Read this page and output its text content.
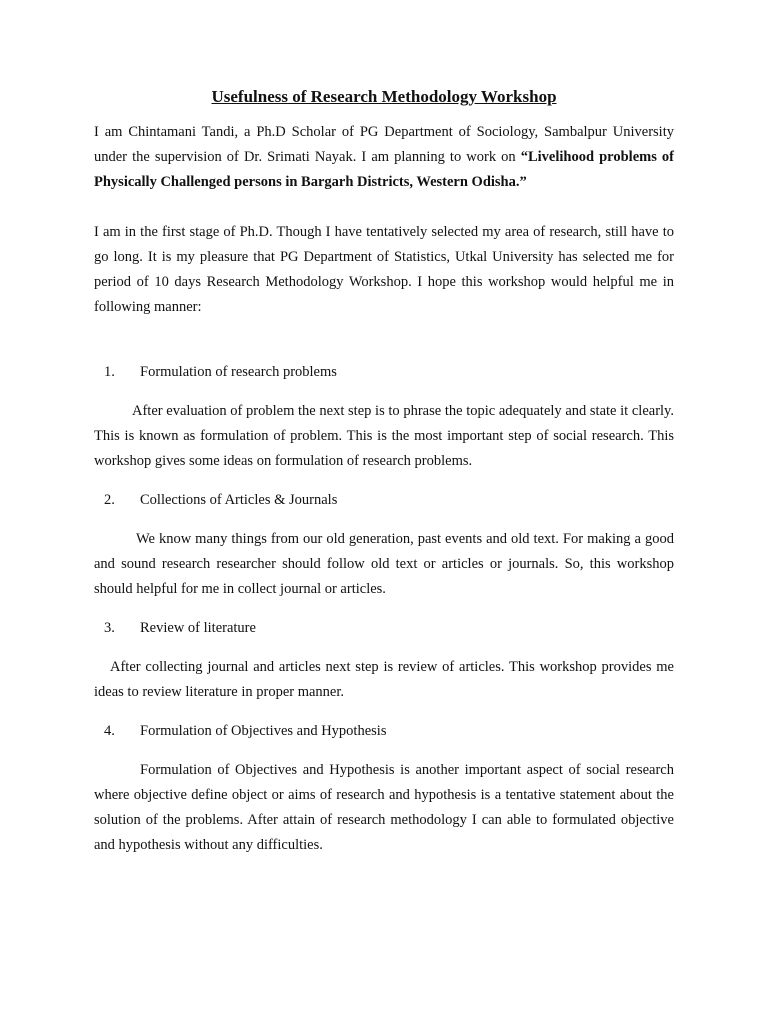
Usefulness of Research Methodology Workshop

I am Chintamani Tandi, a Ph.D Scholar of PG Department of Sociology, Sambalpur University under the supervision of Dr. Srimati Nayak. I am planning to work on “Livelihood problems of Physically Challenged persons in Bargarh Districts, Western Odisha.”

I am in the first stage of Ph.D. Though I have tentatively selected my area of research, still have to go long. It is my pleasure that PG Department of Statistics, Utkal University has selected me for period of 10 days Research Methodology Workshop. I hope this workshop would helpful me in following manner:

1.	Formulation of research problems

After evaluation of problem the next step is to phrase the topic adequately and state it clearly. This is known as formulation of problem. This is the most important step of social research. This workshop gives some ideas on formulation of research problems.

2.	Collections of Articles & Journals

We know many things from our old generation, past events and old text. For making a good and sound research researcher should follow old text or articles or journals. So, this workshop should helpful for me in collect journal or articles.

3.	Review of literature

After collecting journal and articles next step is review of articles. This workshop provides me ideas to review literature in proper manner.

4.	Formulation of Objectives and Hypothesis

Formulation of Objectives and Hypothesis is another important aspect of social research where objective define object or aims of research and hypothesis is a tentative statement about the solution of the problems. After attain of research methodology I can able to formulated objective and hypothesis without any difficulties.
